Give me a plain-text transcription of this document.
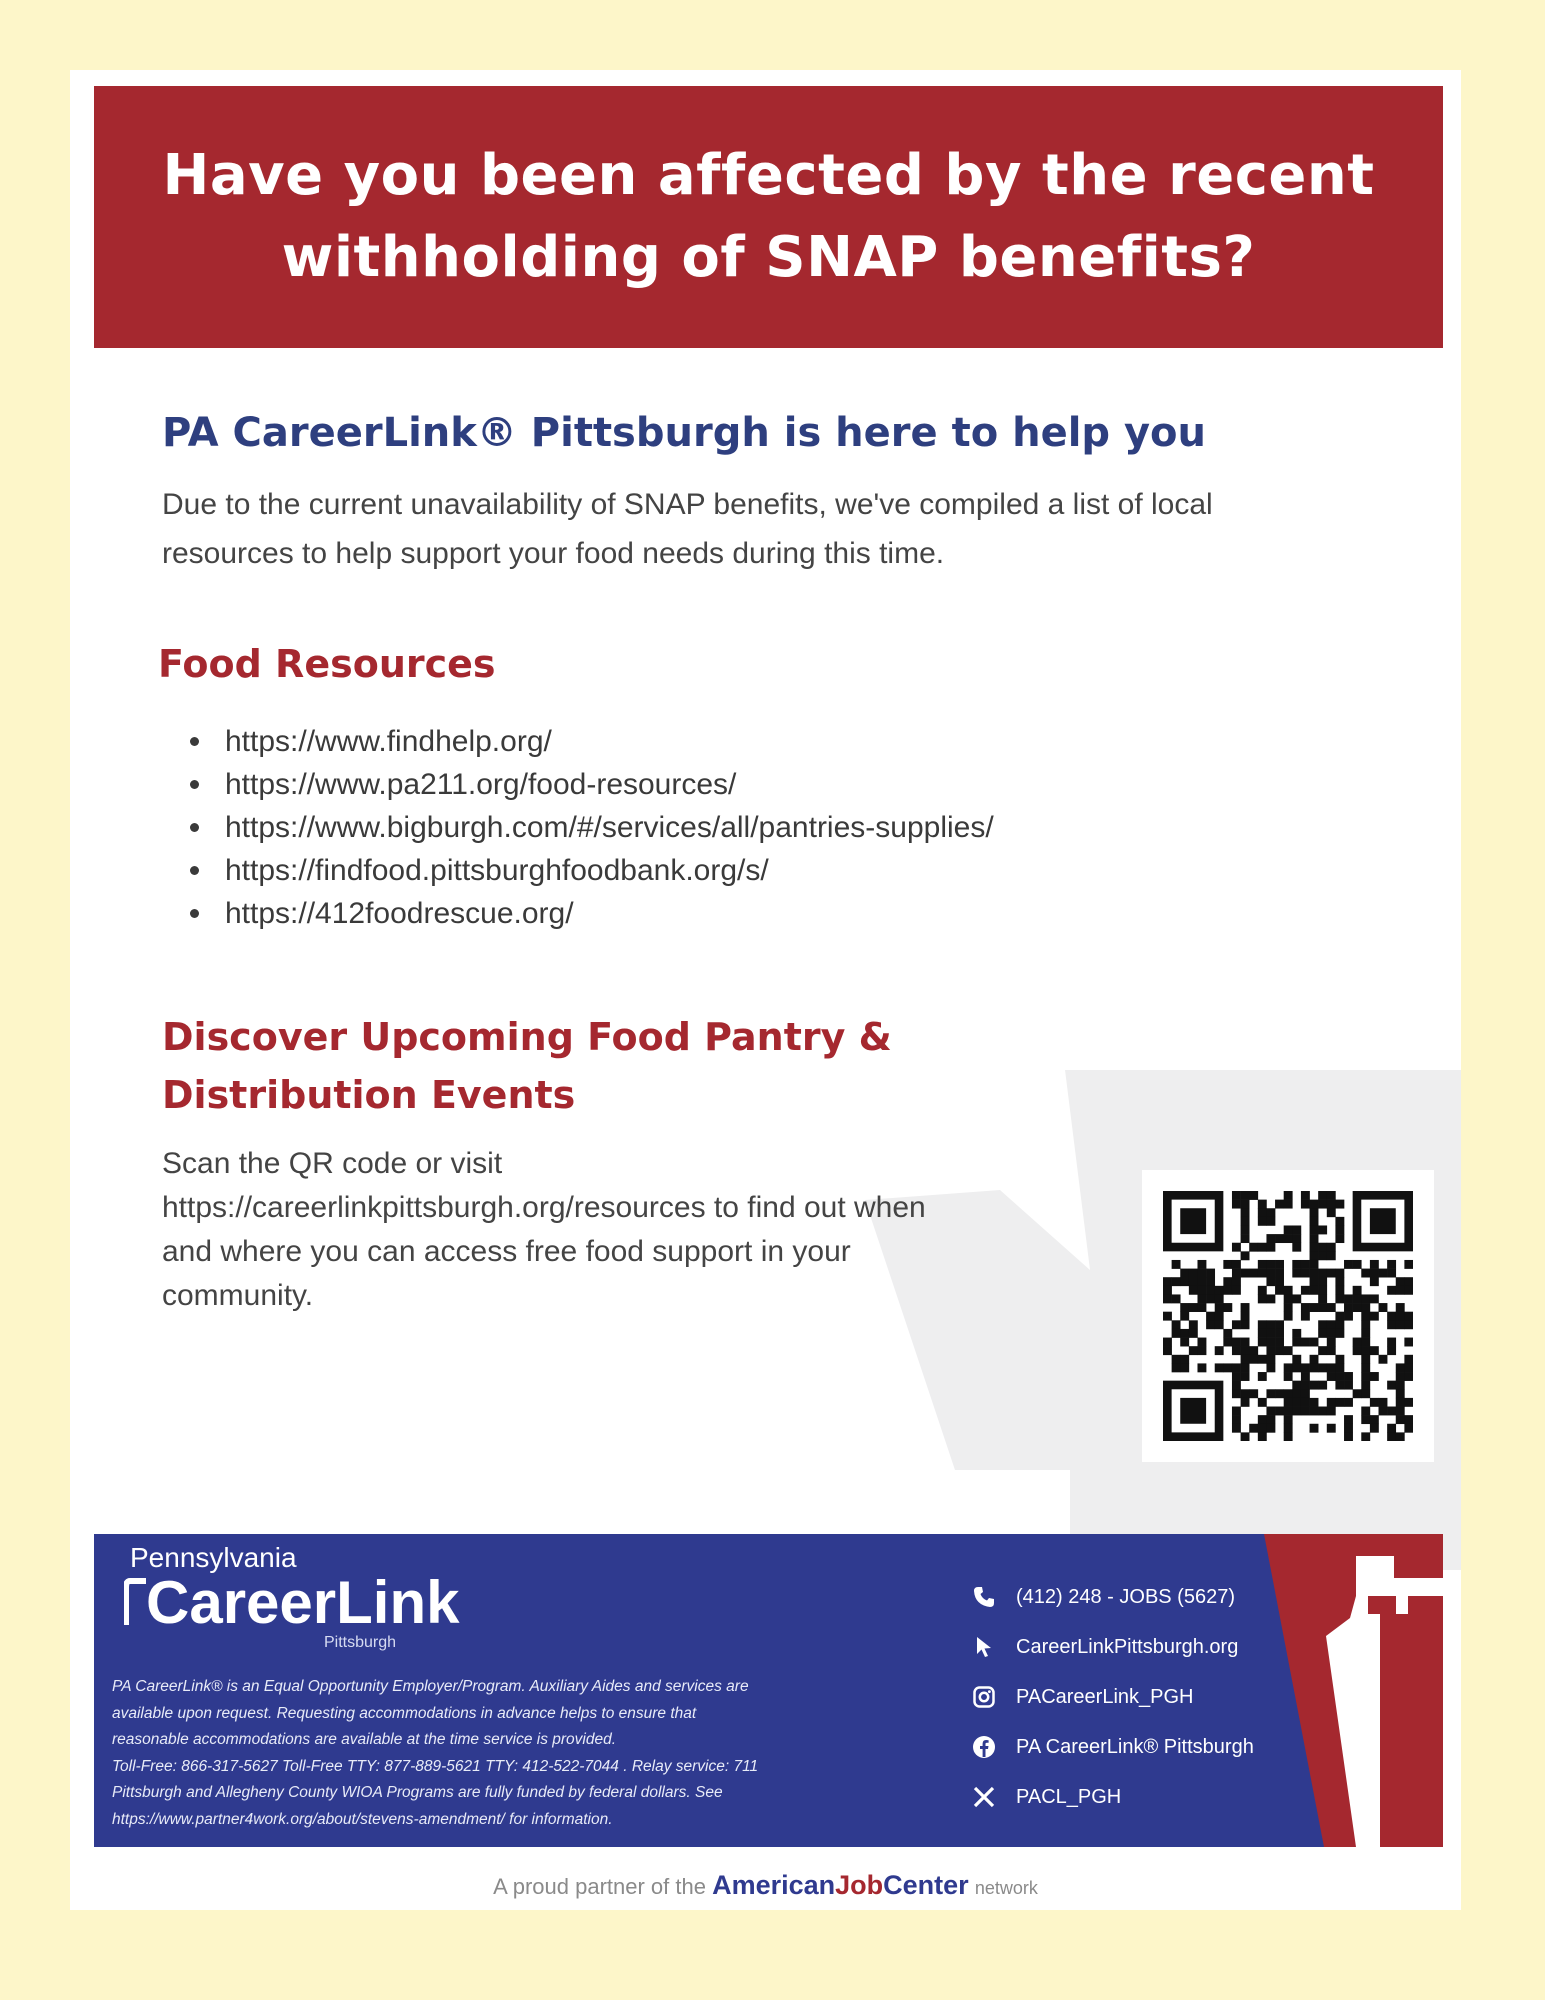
Have you been affected by the recent
withholding of SNAP benefits?
PA CareerLink® Pittsburgh is here to help you

Due to the current unavailability of SNAP benefits, we've compiled a list of local
resources to help support your food needs during this time.

Food Resources
https://www.findhelp.org/
https://www.pa211.org/food-resources/
https://www.bigburgh.com/#/services/all/pantries-supplies/
https://findfood.pittsburghfoodbank.org/s/
https://412foodrescue.org/
Discover Upcoming Food Pantry &
Distribution Events

Scan the QR code or visit
https://careerlinkpittsburgh.org/resources to find out when
and where you can access free food support in your
community.

Pennsylvania
CareerLink
Pittsburgh

PA CareerLink® is an Equal Opportunity Employer/Program. Auxiliary Aides and services are
available upon request. Requesting accommodations in advance helps to ensure that
reasonable accommodations are available at the time service is provided.
Toll-Free: 866-317-5627 Toll-Free TTY: 877-889-5621 TTY: 412-522-7044 . Relay service: 711
Pittsburgh and Allegheny County WIOA Programs are fully funded by federal dollars. See
https://www.partner4work.org/about/stevens-amendment/ for information.

(412) 248 - JOBS (5627)
CareerLinkPittsburgh.org
PACareerLink_PGH
PA CareerLink® Pittsburgh
PACL_PGH

A proud partner of the AmericanJobCenter network
